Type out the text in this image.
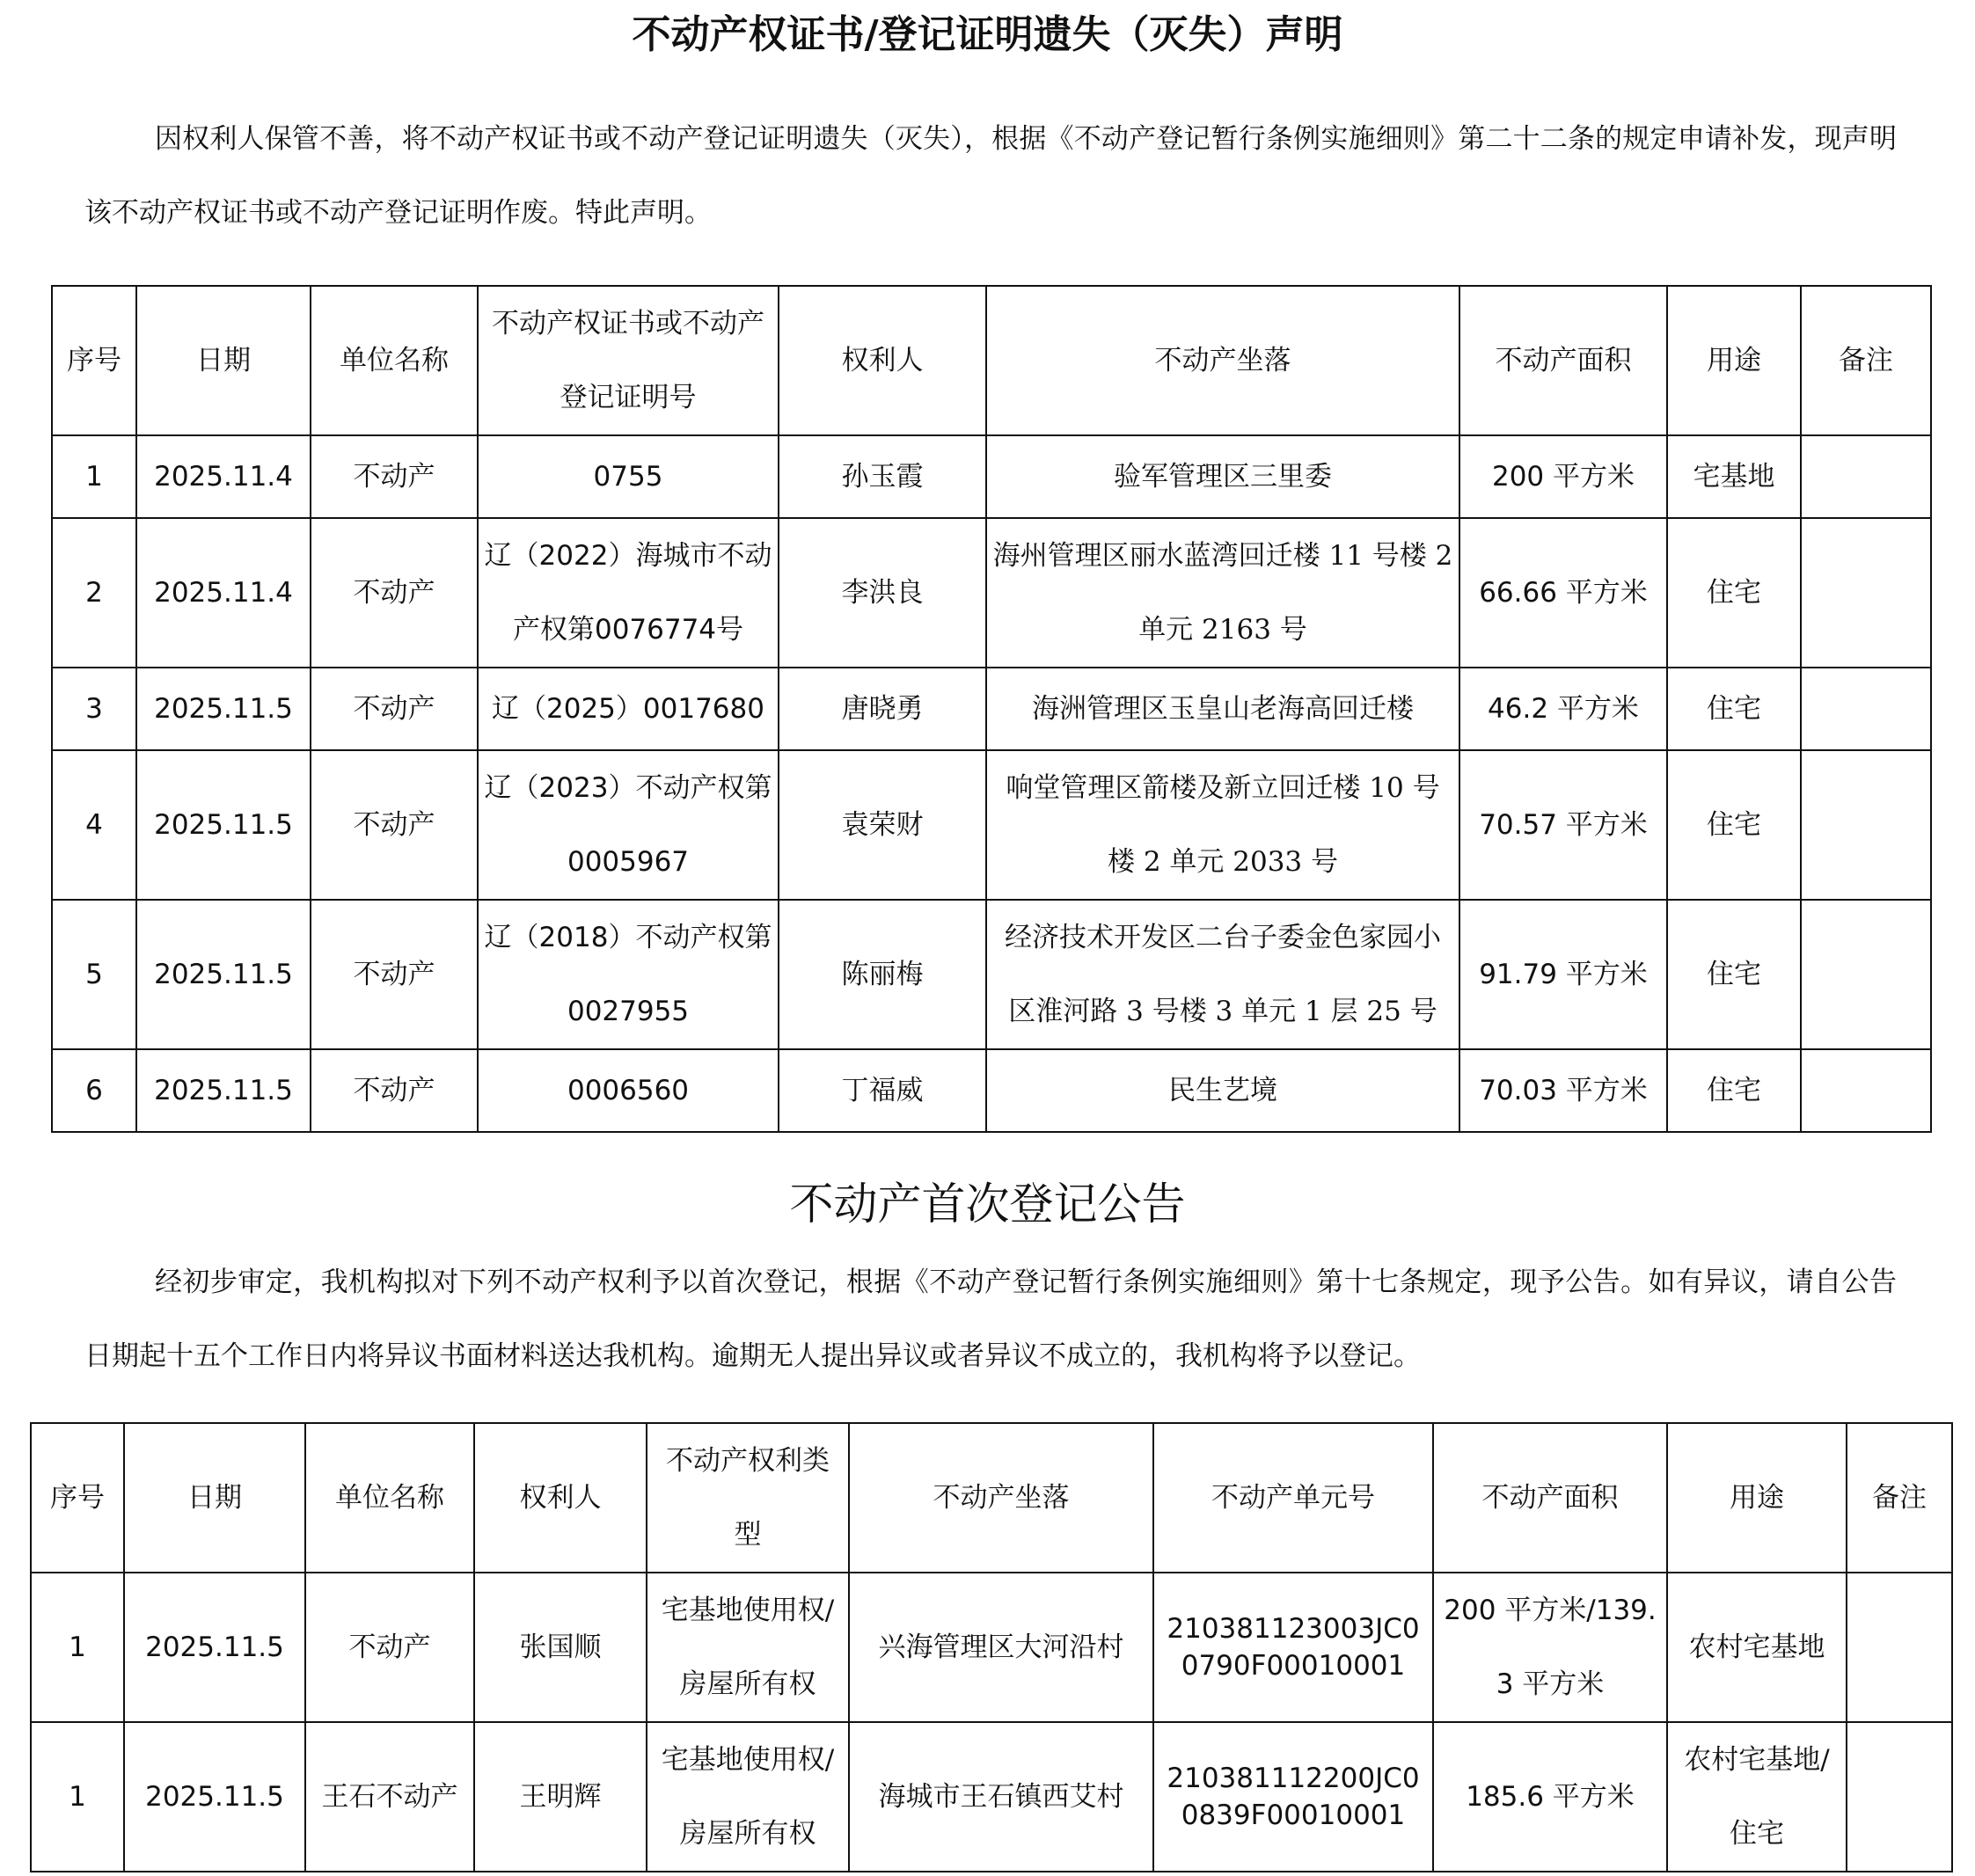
不动产权证书/登记证明遗失（灭失）声明
因权利人保管不善，将不动产权证书或不动产登记证明遗失（灭失），根据《不动产登记暂行条例实施细则》第二十二条的规定申请补发，现声明该不动产权证书或不动产登记证明作废。特此声明。
序号	日期	单位名称	不动产权证书或不动产登记证明号	权利人	不动产坐落	不动产面积	用途	备注
1	2025.11.4	不动产	0755	孙玉霞	验军管理区三里委	200 平方米	宅基地	
2	2025.11.4	不动产	辽（2022）海城市不动产权第0076774号	李洪良	海州管理区丽水蓝湾回迁楼 11 号楼 2 单元 2163 号	66.66 平方米	住宅	
3	2025.11.5	不动产	辽（2025）0017680	唐晓勇	海洲管理区玉皇山老海高回迁楼	46.2 平方米	住宅	
4	2025.11.5	不动产	辽（2023）不动产权第 0005967	袁荣财	响堂管理区箭楼及新立回迁楼 10 号楼 2 单元 2033 号	70.57 平方米	住宅	
5	2025.11.5	不动产	辽（2018）不动产权第 0027955	陈丽梅	经济技术开发区二台子委金色家园小区淮河路 3 号楼 3 单元 1 层 25 号	91.79 平方米	住宅	
6	2025.11.5	不动产	0006560	丁福威	民生艺境	70.03 平方米	住宅	
不动产首次登记公告
经初步审定，我机构拟对下列不动产权利予以首次登记，根据《不动产登记暂行条例实施细则》第十七条规定，现予公告。如有异议，请自公告日期起十五个工作日内将异议书面材料送达我机构。逾期无人提出异议或者异议不成立的，我机构将予以登记。
序号	日期	单位名称	权利人	不动产权利类型	不动产坐落	不动产单元号	不动产面积	用途	备注
1	2025.11.5	不动产	张国顺	宅基地使用权/房屋所有权	兴海管理区大河沿村	210381123003JC00790F00010001	200 平方米/139.3 平方米	农村宅基地	
1	2025.11.5	王石不动产	王明辉	宅基地使用权/房屋所有权	海城市王石镇西艾村	210381112200JC00839F00010001	185.6 平方米	农村宅基地/住宅	
